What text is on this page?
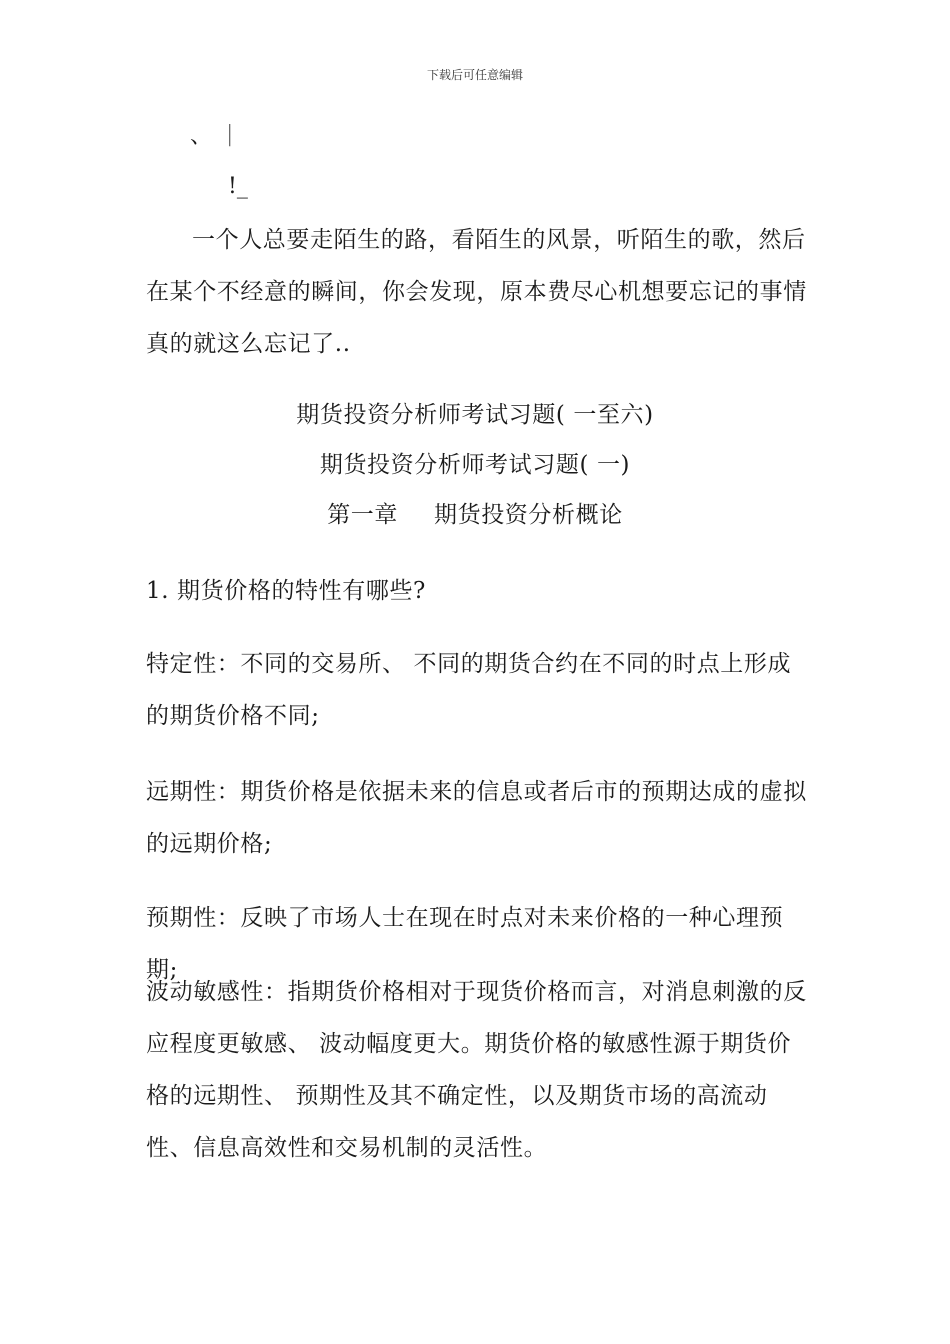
下载后可任意编辑
、 |
!_

一个人总要走陌生的路，看陌生的风景，听陌生的歌，然后在某个不经意的瞬间，你会发现，原本费尽心机想要忘记的事情真的就这么忘记了..

期货投资分析师考试习题( 一至六)
期货投资分析师考试习题( 一)
第一章 期货投资分析概论
1. 期货价格的特性有哪些?

特定性：不同的交易所、 不同的期货合约在不同的时点上形成的期货价格不同;

远期性：期货价格是依据未来的信息或者后市的预期达成的虚拟的远期价格;

预期性：反映了市场人士在现在时点对未来价格的一种心理预期;

波动敏感性：指期货价格相对于现货价格而言，对消息刺激的反应程度更敏感、 波动幅度更大。期货价格的敏感性源于期货价格的远期性、 预期性及其不确定性，以及期货市场的高流动性、信息高效性和交易机制的灵活性。
